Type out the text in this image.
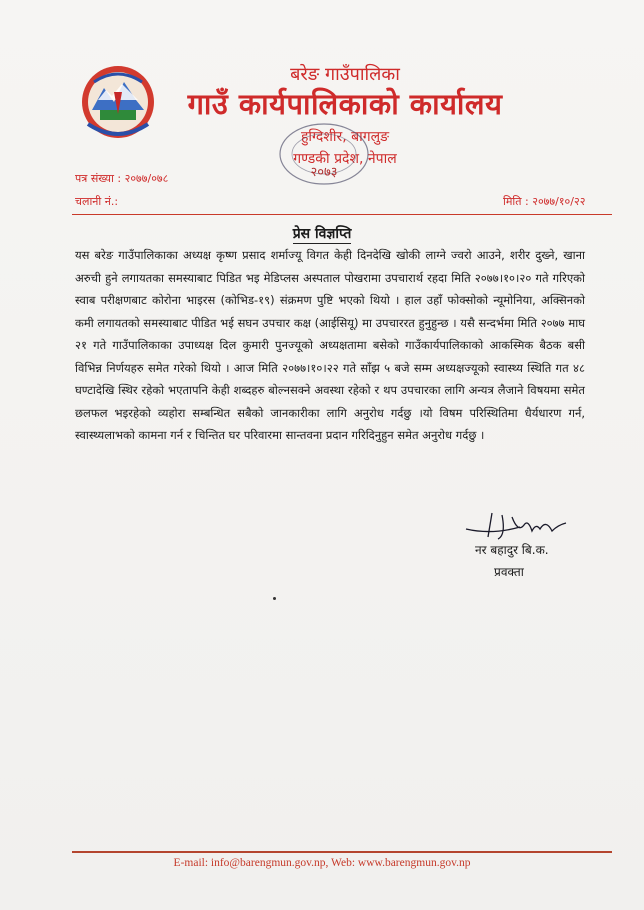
बरेङ गाउँपालिका
गाउँ कार्यपालिकाको कार्यालय
हुग्दिशीर, बागलुङ
गण्डकी प्रदेश, नेपाल
२०७३
पत्र संख्या : २०७७/०७८
चलानी नं.:	मिति : २०७७/१०/२२
प्रेस विज्ञप्ति

यस बरेङ गाउँपालिकाका अध्यक्ष कृष्ण प्रसाद शर्माज्यू विगत केही दिनदेखि खोकी लाग्ने ज्वरो आउने, शरीर दुख्ने, खाना अरुची हुने लगायतका समस्याबाट पिडित भइ मेडिप्लस अस्पताल पोखरामा उपचारार्थ रहदा मिति २०७७।१०।२० गते गरिएको स्वाब परीक्षणबाट कोरोना भाइरस (कोभिड-१९) संक्रमण पुष्टि भएको थियो । हाल उहाँ फोक्सोको न्यूमोनिया, अक्सिनको कमी लगायतको समस्याबाट पीडित भई सघन उपचार कक्ष (आईसियू) मा उपचाररत हुनुहुन्छ । यसै सन्दर्भमा मिति २०७७ माघ २१ गते गाउँपालिकाका उपाध्यक्ष दिल कुमारी पुनज्यूको अध्यक्षतामा बसेको गाउँकार्यपालिकाको आकस्मिक बैठक बसी विभिन्न निर्णयहरु समेत गरेको थियो । आज मिति २०७७।१०।२२ गते साँझ ५ बजे सम्म अध्यक्षज्यूको स्वास्थ्य स्थिति गत ४८ घण्टादेखि स्थिर रहेको भएतापनि केही शब्दहरु बोल्नसक्ने अवस्था रहेको र थप उपचारका लागि अन्यत्र लैजाने विषयमा समेत छलफल भइरहेको व्यहोरा सम्बन्धित सबैको जानकारीका लागि अनुरोध गर्दछु ।यो विषम परिस्थितिमा धैर्यधारण गर्न, स्वास्थ्यलाभको कामना गर्न र चिन्तित घर परिवारमा सान्तवना प्रदान गरिदिनुहुन समेत अनुरोध गर्दछु ।

नर बहादुर बि.क.
प्रवक्ता
E-mail: info@barengmun.gov.np, Web: www.barengmun.gov.np
